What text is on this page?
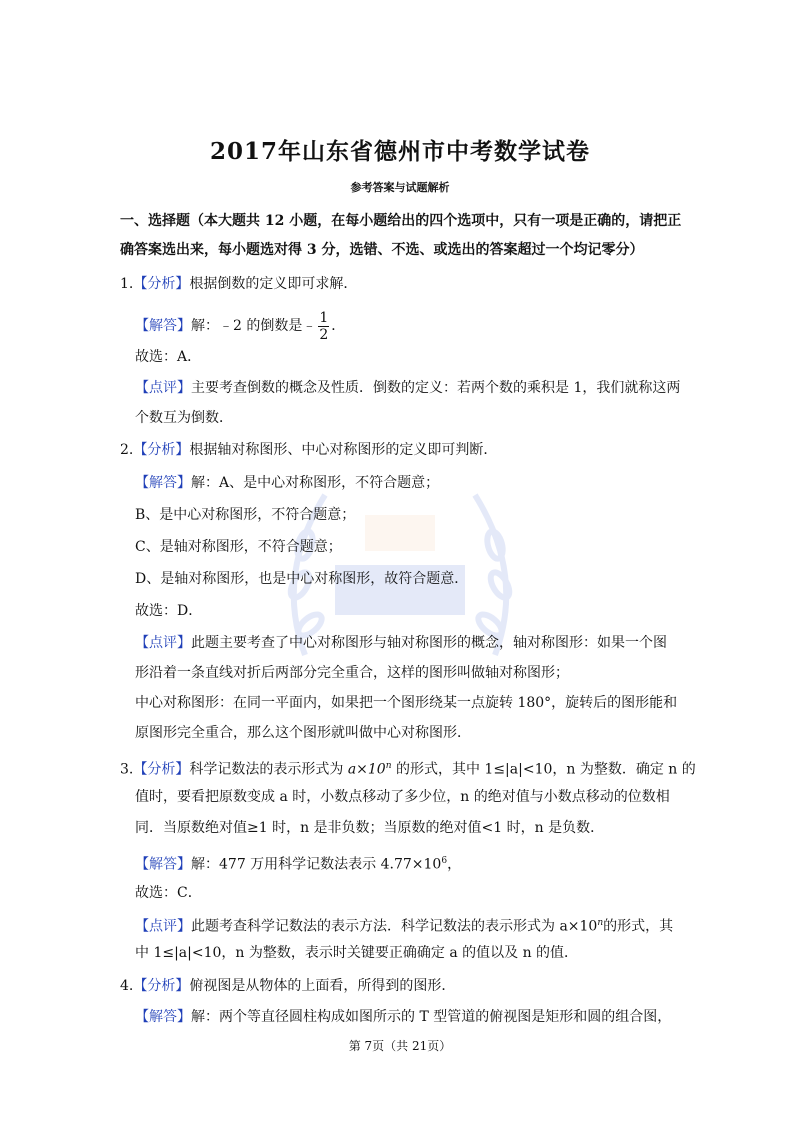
2017年山东省德州市中考数学试卷
参考答案与试题解析
一、选择题（本大题共 12 小题，在每小题给出的四个选项中，只有一项是正确的，请把正
确答案选出来，每小题选对得 3 分，选错、不选、或选出的答案超过一个均记零分）
1.【分析】根据倒数的定义即可求解．
【解答】解：﹣2 的倒数是﹣ $\frac{1}{2}$ ．
故选：A．
【点评】主要考查倒数的概念及性质．倒数的定义：若两个数的乘积是 1，我们就称这两
个数互为倒数．
2.【分析】根据轴对称图形、中心对称图形的定义即可判断．
【解答】解：A、是中心对称图形，不符合题意；
B、是中心对称图形，不符合题意；
C、是轴对称图形，不符合题意；
D、是轴对称图形，也是中心对称图形，故符合题意．
故选：D．
【点评】此题主要考查了中心对称图形与轴对称图形的概念，轴对称图形：如果一个图
形沿着一条直线对折后两部分完全重合，这样的图形叫做轴对称图形；
中心对称图形：在同一平面内，如果把一个图形绕某一点旋转 180°，旋转后的图形能和
原图形完全重合，那么这个图形就叫做中心对称图形．
3.【分析】科学记数法的表示形式为 $a\times 10^n$ 的形式，其中 1≤|a|<10，n 为整数．确定 n 的
值时，要看把原数变成 a 时，小数点移动了多少位，n 的绝对值与小数点移动的位数相
同．当原数绝对值≥1 时，n 是非负数；当原数的绝对值<1 时，n 是负数．
【解答】解：477 万用科学记数法表示 $4.77\times 10^6$，
故选：C．
【点评】此题考查科学记数法的表示方法．科学记数法的表示形式为 $a\times 10^n$的形式，其
中 1≤|a|<10，n 为整数，表示时关键要正确确定 a 的值以及 n 的值．
4.【分析】俯视图是从物体的上面看，所得到的图形．
【解答】解：两个等直径圆柱构成如图所示的 T 型管道的俯视图是矩形和圆的组合图，
第 7页（共 21页）
